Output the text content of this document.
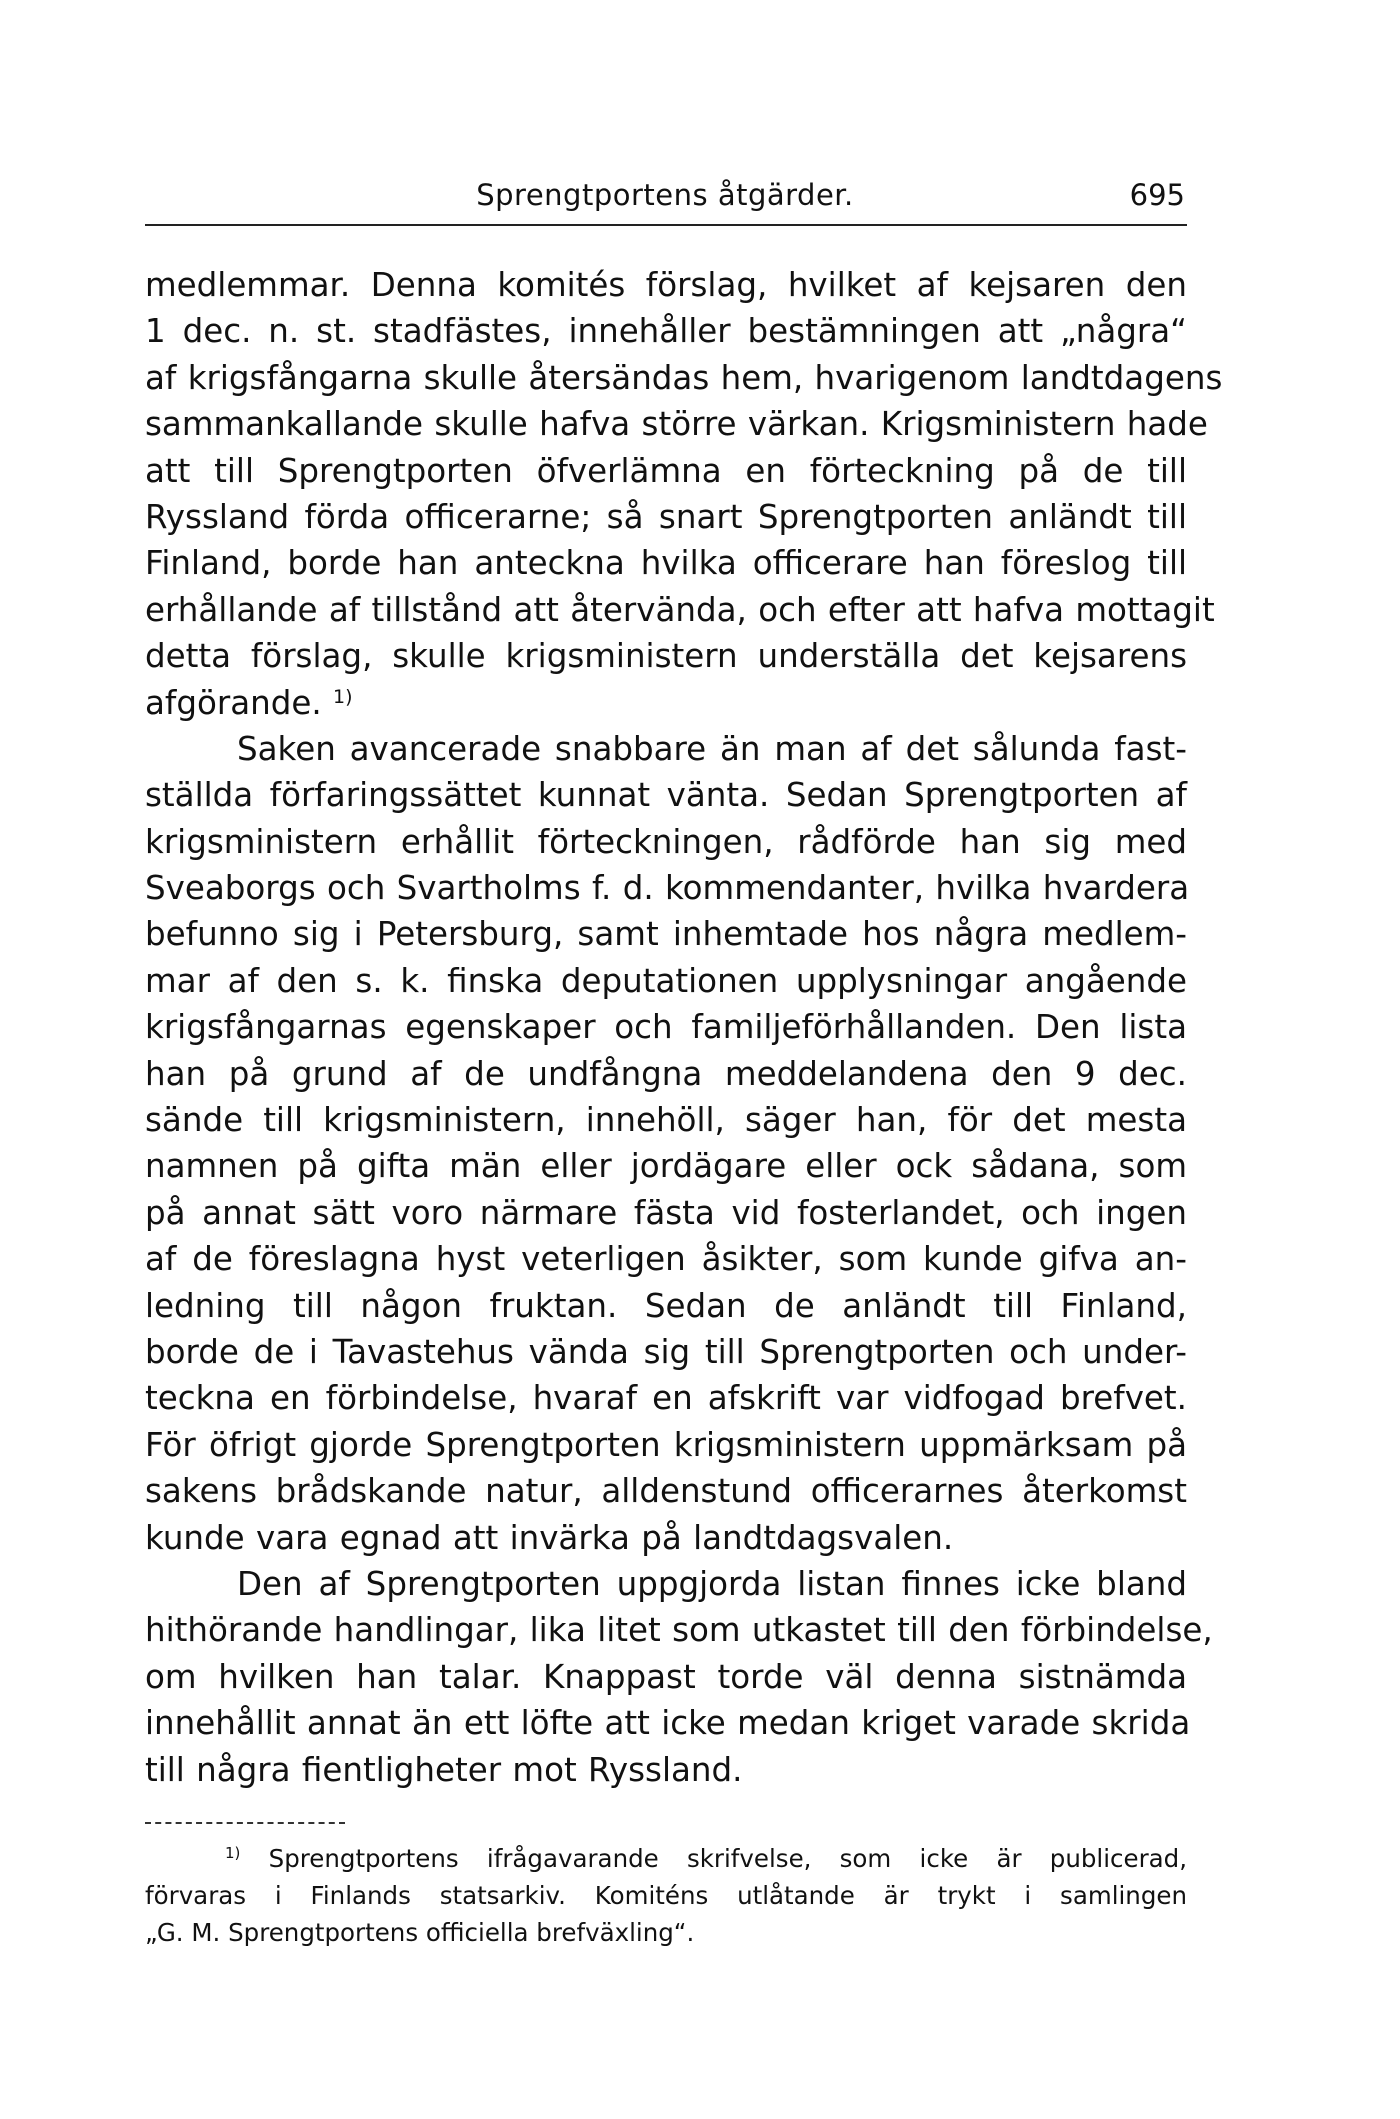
Sprengtportens åtgärder.	695
medlemmar. Denna komités förslag, hvilket af kejsaren den
1 dec. n. st. stadfästes, innehåller bestämningen att „några“
af krigsfångarna skulle återsändas hem, hvarigenom landtdagens
sammankallande skulle hafva större värkan. Krigsministern hade
att till Sprengtporten öfverlämna en förteckning på de till
Ryssland förda officerarne; så snart Sprengtporten anländt till
Finland, borde han anteckna hvilka officerare han föreslog till
erhållande af tillstånd att återvända, och efter att hafva mottagit
detta förslag, skulle krigsministern underställa det kejsarens
afgörande. $^{1)}$
Saken avancerade snabbare än man af det sålunda fast-
ställda förfaringssättet kunnat vänta. Sedan Sprengtporten af
krigsministern erhållit förteckningen, rådförde han sig med
Sveaborgs och Svartholms f. d. kommendanter, hvilka hvardera
befunno sig i Petersburg, samt inhemtade hos några medlem-
mar af den s. k. finska deputationen upplysningar angående
krigsfångarnas egenskaper och familjeförhållanden. Den lista
han på grund af de undfångna meddelandena den 9 dec.
sände till krigsministern, innehöll, säger han, för det mesta
namnen på gifta män eller jordägare eller ock sådana, som
på annat sätt voro närmare fästa vid fosterlandet, och ingen
af de föreslagna hyst veterligen åsikter, som kunde gifva an-
ledning till någon fruktan. Sedan de anländt till Finland,
borde de i Tavastehus vända sig till Sprengtporten och under-
teckna en förbindelse, hvaraf en afskrift var vidfogad brefvet.
För öfrigt gjorde Sprengtporten krigsministern uppmärksam på
sakens brådskande natur, alldenstund officerarnes återkomst
kunde vara egnad att invärka på landtdagsvalen.
Den af Sprengtporten uppgjorda listan finnes icke bland
hithörande handlingar, lika litet som utkastet till den förbindelse,
om hvilken han talar. Knappast torde väl denna sistnämda
innehållit annat än ett löfte att icke medan kriget varade skrida
till några fientligheter mot Ryssland.
$^{1)}$ Sprengtportens ifrågavarande skrifvelse, som icke är publicerad,
förvaras i Finlands statsarkiv. Komiténs utlåtande är trykt i samlingen
„G. M. Sprengtportens officiella brefväxling“.
